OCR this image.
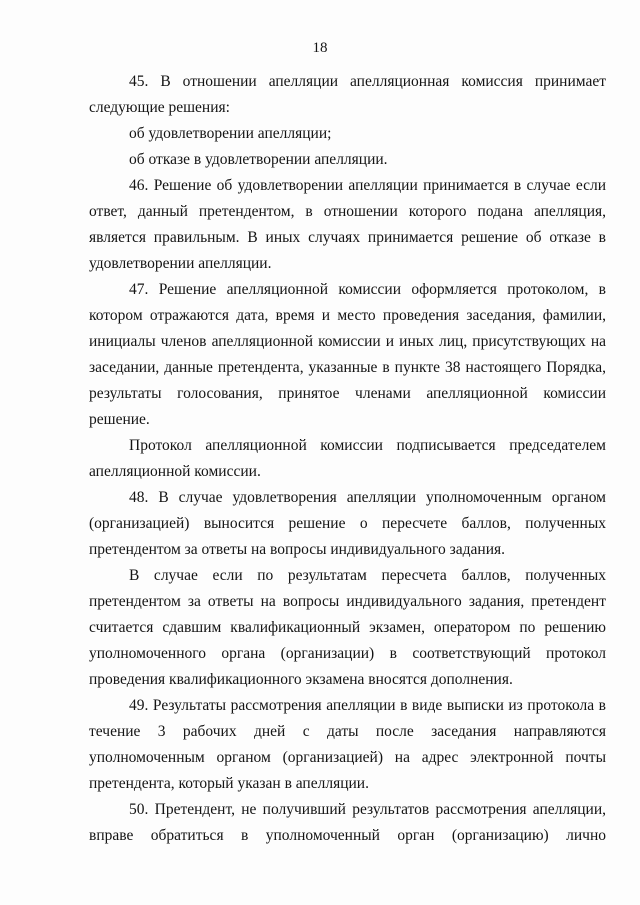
18

45. В отношении апелляции апелляционная комиссия принимает следующие решения:

об удовлетворении апелляции;

об отказе в удовлетворении апелляции.

46. Решение об удовлетворении апелляции принимается в случае если ответ, данный претендентом, в отношении которого подана апелляция, является правильным. В иных случаях принимается решение об отказе в удовлетворении апелляции.

47. Решение апелляционной комиссии оформляется протоколом, в котором отражаются дата, время и место проведения заседания, фамилии, инициалы членов апелляционной комиссии и иных лиц, присутствующих на заседании, данные претендента, указанные в пункте 38 настоящего Порядка, результаты голосования, принятое членами апелляционной комиссии решение.

Протокол апелляционной комиссии подписывается председателем апелляционной комиссии.

48. В случае удовлетворения апелляции уполномоченным органом (организацией) выносится решение о пересчете баллов, полученных претендентом за ответы на вопросы индивидуального задания.

В случае если по результатам пересчета баллов, полученных претендентом за ответы на вопросы индивидуального задания, претендент считается сдавшим квалификационный экзамен, оператором по решению уполномоченного органа (организации) в соответствующий протокол проведения квалификационного экзамена вносятся дополнения.

49. Результаты рассмотрения апелляции в виде выписки из протокола в течение 3 рабочих дней с даты после заседания направляются уполномоченным органом (организацией) на адрес электронной почты претендента, который указан в апелляции.

50. Претендент, не получивший результатов рассмотрения апелляции, вправе обратиться в уполномоченный орган (организацию) лично
